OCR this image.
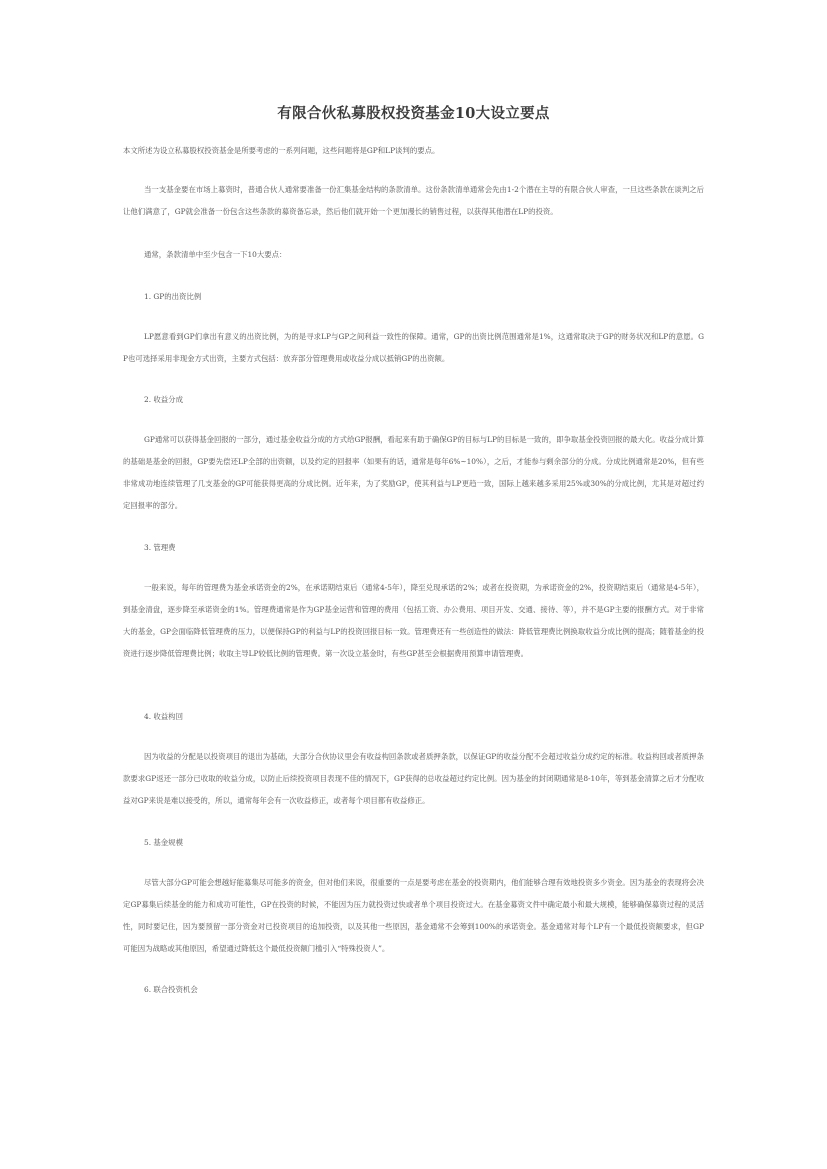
有限合伙私募股权投资基金10大设立要点

本文所述为设立私募股权投资基金是所要考虑的一系列问题，这些问题将是GP和LP谈判的要点。

当一支基金要在市场上募资时，普通合伙人通常要准备一份汇集基金结构的条款清单。这份条款清单通常会先由1-2个潜在主导的有限合伙人审查，一旦这些条款在谈判之后让他们满意了，GP就会准备一份包含这些条款的募资备忘录，然后他们就开始一个更加漫长的销售过程，以获得其他潜在LP的投资。

通常，条款清单中至少包含一下10大要点：

1. GP的出资比例

LP愿意看到GP们拿出有意义的出资比例，为的是寻求LP与GP之间利益一致性的保障。通常，GP的出资比例范围通常是1%，这通常取决于GP的财务状况和LP的意愿。GP也可选择采用非现金方式出资，主要方式包括：放弃部分管理费用或收益分成以抵销GP的出资额。

2. 收益分成

GP通常可以获得基金回报的一部分，通过基金收益分成的方式给GP报酬，看起来有助于确保GP的目标与LP的目标是一致的，即争取基金投资回报的最大化。收益分成计算的基础是基金的回报，GP要先偿还LP全部的出资额，以及约定的回报率（如果有的话，通常是每年6%~10%），之后，才能参与剩余部分的分成。分成比例通常是20%，但有些非常成功地连续管理了几支基金的GP可能获得更高的分成比例。近年来，为了奖励GP，使其利益与LP更趋一致，国际上越来越多采用25%或30%的分成比例，尤其是对超过约定回报率的部分。

3. 管理费

一般来说，每年的管理费为基金承诺资金的2%，在承诺期结束后（通常4-5年），降至兑现承诺的2%；或者在投资期，为承诺资金的2%，投资期结束后（通常是4-5年），到基金清盘，逐步降至承诺资金的1%。管理费通常是作为GP基金运营和管理的费用（包括工资、办公费用、项目开发、交通、接待、等），并不是GP主要的报酬方式。对于非常大的基金，GP会面临降低管理费的压力，以便保持GP的利益与LP的投资回报目标一致。管理费还有一些创造性的做法：降低管理费比例换取收益分成比例的提高；随着基金的投资进行逐步降低管理费比例；收取主导LP较低比例的管理费。第一次设立基金时，有些GP甚至会根据费用预算申请管理费。

4. 收益构回

因为收益的分配是以投资项目的退出为基础，大部分合伙协议里会有收益构回条款或者质押条款，以保证GP的收益分配不会超过收益分成约定的标准。收益构回或者质押条款要求GP返还一部分已收取的收益分成，以防止后续投资项目表现不佳的情况下，GP获得的总收益超过约定比例。因为基金的封闭期通常是8-10年，等到基金清算之后才分配收益对GP来说是难以接受的，所以，通常每年会有一次收益修正，或者每个项目都有收益修正。

5. 基金规模

尽管大部分GP可能会想越好能募集尽可能多的资金，但对他们来说，很重要的一点是要考虑在基金的投资期内，他们能够合理有效地投资多少资金。因为基金的表现将会决定GP募集后续基金的能力和成功可能性，GP在投资的时候，不能因为压力就投资过快或者单个项目投资过大。在基金募资文件中确定最小和最大规模，能够确保募资过程的灵活性，同时要记住，因为要预留一部分资金对已投资项目的追加投资，以及其他一些原因，基金通常不会筹到100%的承诺资金。基金通常对每个LP有一个最低投资额要求，但GP可能因为战略或其他原因，希望通过降低这个最低投资额门槛引入“特殊投资人”。

6. 联合投资机会
